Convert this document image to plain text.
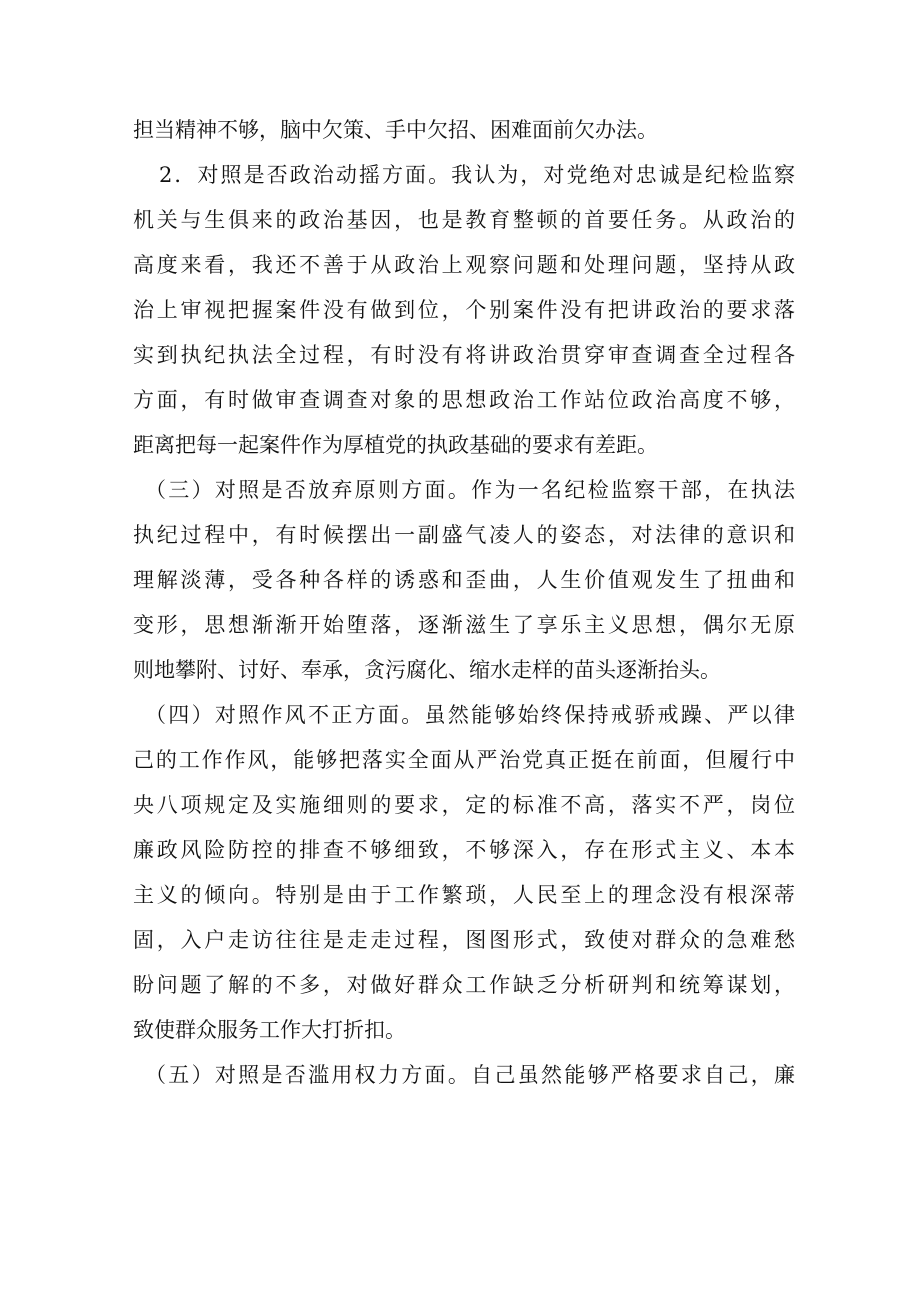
担当精神不够，脑中欠策、手中欠招、困难面前欠办法。
2．对照是否政治动摇方面。我认为，对党绝对忠诚是纪检监察
机关与生俱来的政治基因，也是教育整顿的首要任务。从政治的
高度来看，我还不善于从政治上观察问题和处理问题，坚持从政
治上审视把握案件没有做到位，个别案件没有把讲政治的要求落
实到执纪执法全过程，有时没有将讲政治贯穿审查调查全过程各
方面，有时做审查调查对象的思想政治工作站位政治高度不够，
距离把每一起案件作为厚植党的执政基础的要求有差距。
（三）对照是否放弃原则方面。作为一名纪检监察干部，在执法
执纪过程中，有时候摆出一副盛气凌人的姿态，对法律的意识和
理解淡薄，受各种各样的诱惑和歪曲，人生价值观发生了扭曲和
变形，思想渐渐开始堕落，逐渐滋生了享乐主义思想，偶尔无原
则地攀附、讨好、奉承，贪污腐化、缩水走样的苗头逐渐抬头。
（四）对照作风不正方面。虽然能够始终保持戒骄戒躁、严以律
己的工作作风，能够把落实全面从严治党真正挺在前面，但履行中
央八项规定及实施细则的要求，定的标准不高，落实不严，岗位
廉政风险防控的排查不够细致，不够深入，存在形式主义、本本
主义的倾向。特别是由于工作繁琐，人民至上的理念没有根深蒂
固，入户走访往往是走走过程，图图形式，致使对群众的急难愁
盼问题了解的不多，对做好群众工作缺乏分析研判和统筹谋划，
致使群众服务工作大打折扣。
（五）对照是否滥用权力方面。自己虽然能够严格要求自己，廉
